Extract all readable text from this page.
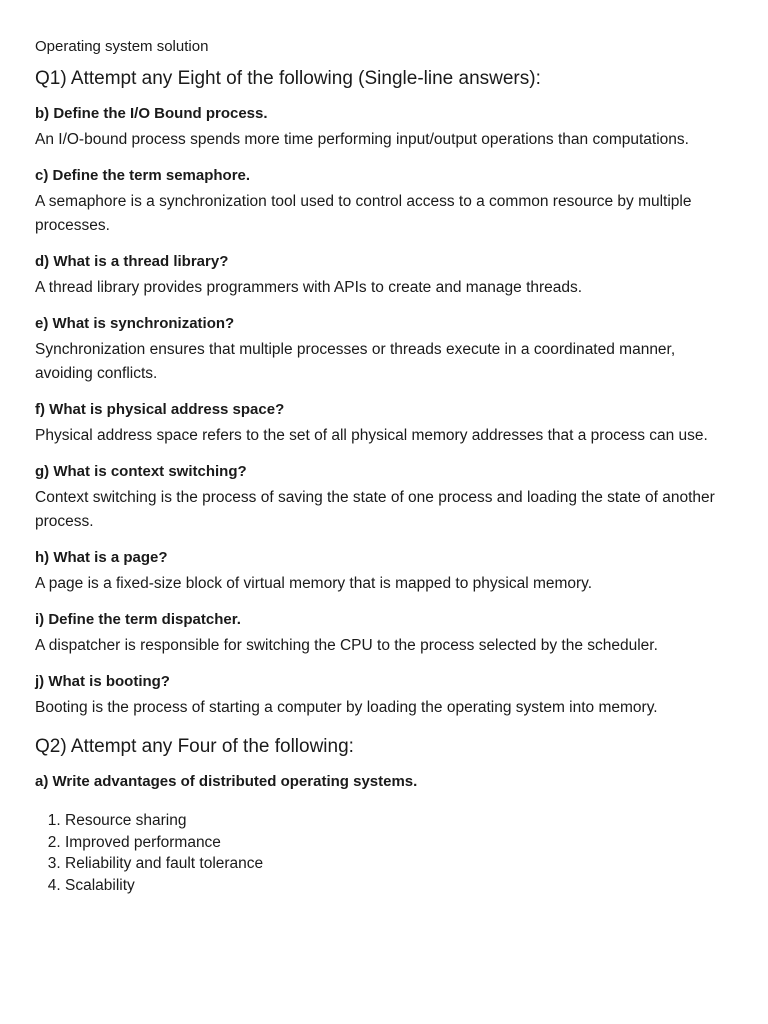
Operating system solution

Q1) Attempt any Eight of the following (Single-line answers):

b) Define the I/O Bound process.

An I/O-bound process spends more time performing input/output operations than computations.

c) Define the term semaphore.

A semaphore is a synchronization tool used to control access to a common resource by multiple processes.

d) What is a thread library?

A thread library provides programmers with APIs to create and manage threads.

e) What is synchronization?

Synchronization ensures that multiple processes or threads execute in a coordinated manner, avoiding conflicts.

f) What is physical address space?

Physical address space refers to the set of all physical memory addresses that a process can use.

g) What is context switching?

Context switching is the process of saving the state of one process and loading the state of another process.

h) What is a page?

A page is a fixed-size block of virtual memory that is mapped to physical memory.

i) Define the term dispatcher.

A dispatcher is responsible for switching the CPU to the process selected by the scheduler.

j) What is booting?

Booting is the process of starting a computer by loading the operating system into memory.

Q2) Attempt any Four of the following:

a) Write advantages of distributed operating systems.

1. Resource sharing
2. Improved performance
3. Reliability and fault tolerance
4. Scalability
